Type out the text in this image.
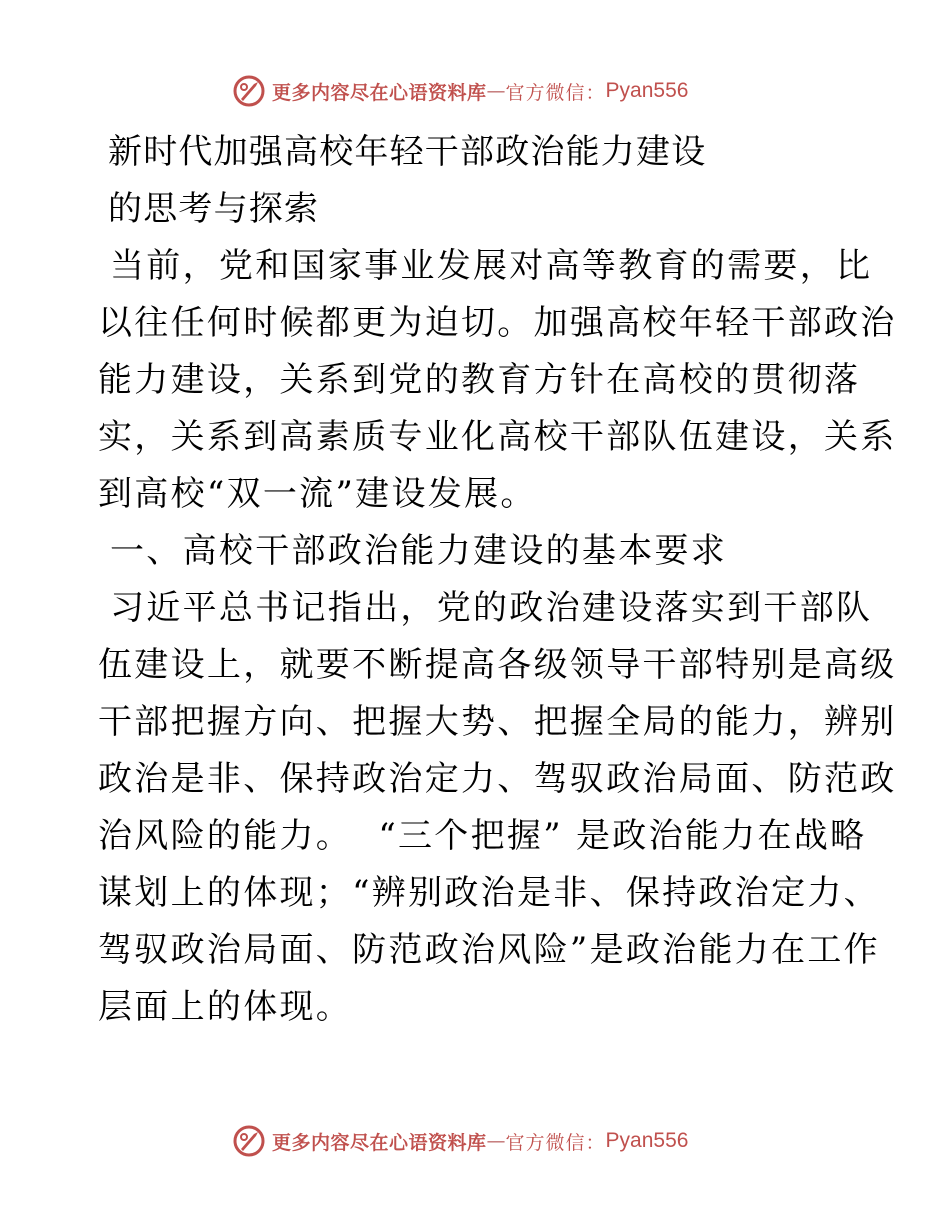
更多内容尽在心语资料库 — 官方微信： Pyan556
新时代加强高校年轻干部政治能力建设
的思考与探索
当前，党和国家事业发展对高等教育的需要，比
以往任何时候都更为迫切。加强高校年轻干部政治
能力建设，关系到党的教育方针在高校的贯彻落
实，关系到高素质专业化高校干部队伍建设，关系
到高校“双一流”建设发展。
一、高校干部政治能力建设的基本要求
习近平总书记指出，党的政治建设落实到干部队
伍建设上，就要不断提高各级领导干部特别是高级
干部把握方向、把握大势、把握全局的能力，辨别
政治是非、保持政治定力、驾驭政治局面、防范政
治风险的能力。  “三个把握” 是政治能力在战略
谋划上的体现；“辨别政治是非、保持政治定力、
驾驭政治局面、防范政治风险”是政治能力在工作
层面上的体现。
更多内容尽在心语资料库 — 官方微信： Pyan556
